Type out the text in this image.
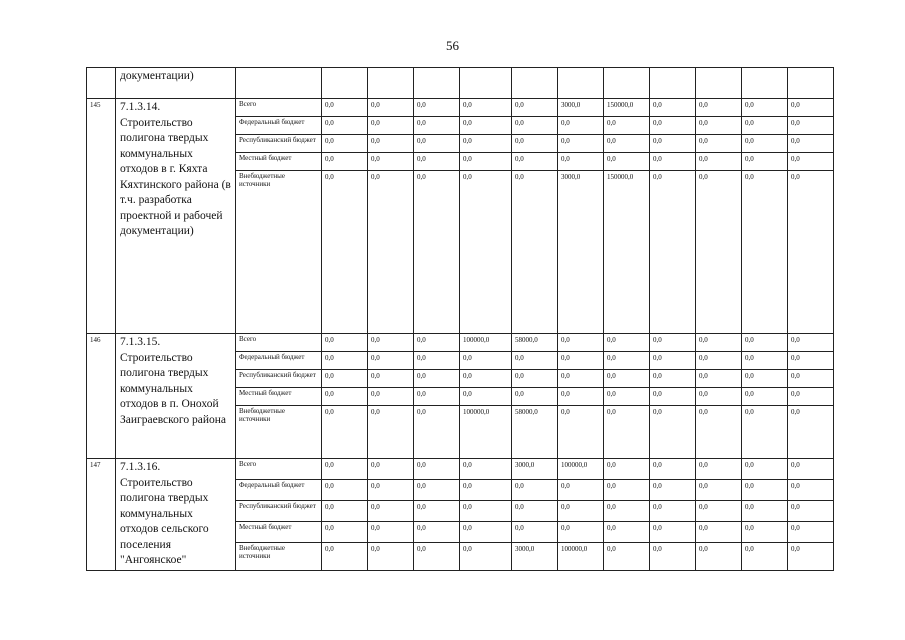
56
	документации)													
145	7.1.3.14. Строительство полигона твердых коммунальных отходов в г. Кяхта Кяхтинского района (в т.ч. разработка проектной и рабочей документации)	Всего	0,0	0,0	0,0	0,0	0,0	3000,0	150000,0	0,0	0,0	0,0	0,0	
		Федеральный бюджет	0,0	0,0	0,0	0,0	0,0	0,0	0,0	0,0	0,0	0,0	0,0	
		Республиканский бюджет	0,0	0,0	0,0	0,0	0,0	0,0	0,0	0,0	0,0	0,0	0,0	
		Местный бюджет	0,0	0,0	0,0	0,0	0,0	0,0	0,0	0,0	0,0	0,0	0,0	
		Внебюджетные источники	0,0	0,0	0,0	0,0	0,0	3000,0	150000,0	0,0	0,0	0,0	0,0	
146	7.1.3.15. Строительство полигона твердых коммунальных отходов в п. Онохой Заиграевского района	Всего	0,0	0,0	0,0	100000,0	58000,0	0,0	0,0	0,0	0,0	0,0	0,0	
		Федеральный бюджет	0,0	0,0	0,0	0,0	0,0	0,0	0,0	0,0	0,0	0,0	0,0	
		Республиканский бюджет	0,0	0,0	0,0	0,0	0,0	0,0	0,0	0,0	0,0	0,0	0,0	
		Местный бюджет	0,0	0,0	0,0	0,0	0,0	0,0	0,0	0,0	0,0	0,0	0,0	
		Внебюджетные источники	0,0	0,0	0,0	100000,0	58000,0	0,0	0,0	0,0	0,0	0,0	0,0	
147	7.1.3.16. Строительство полигона твердых коммунальных отходов сельского поселения "Ангоянское"	Всего	0,0	0,0	0,0	0,0	3000,0	100000,0	0,0	0,0	0,0	0,0	0,0	
		Федеральный бюджет	0,0	0,0	0,0	0,0	0,0	0,0	0,0	0,0	0,0	0,0	0,0	
		Республиканский бюджет	0,0	0,0	0,0	0,0	0,0	0,0	0,0	0,0	0,0	0,0	0,0	
		Местный бюджет	0,0	0,0	0,0	0,0	0,0	0,0	0,0	0,0	0,0	0,0	0,0	
		Внебюджетные источники	0,0	0,0	0,0	0,0	3000,0	100000,0	0,0	0,0	0,0	0,0	0,0	
